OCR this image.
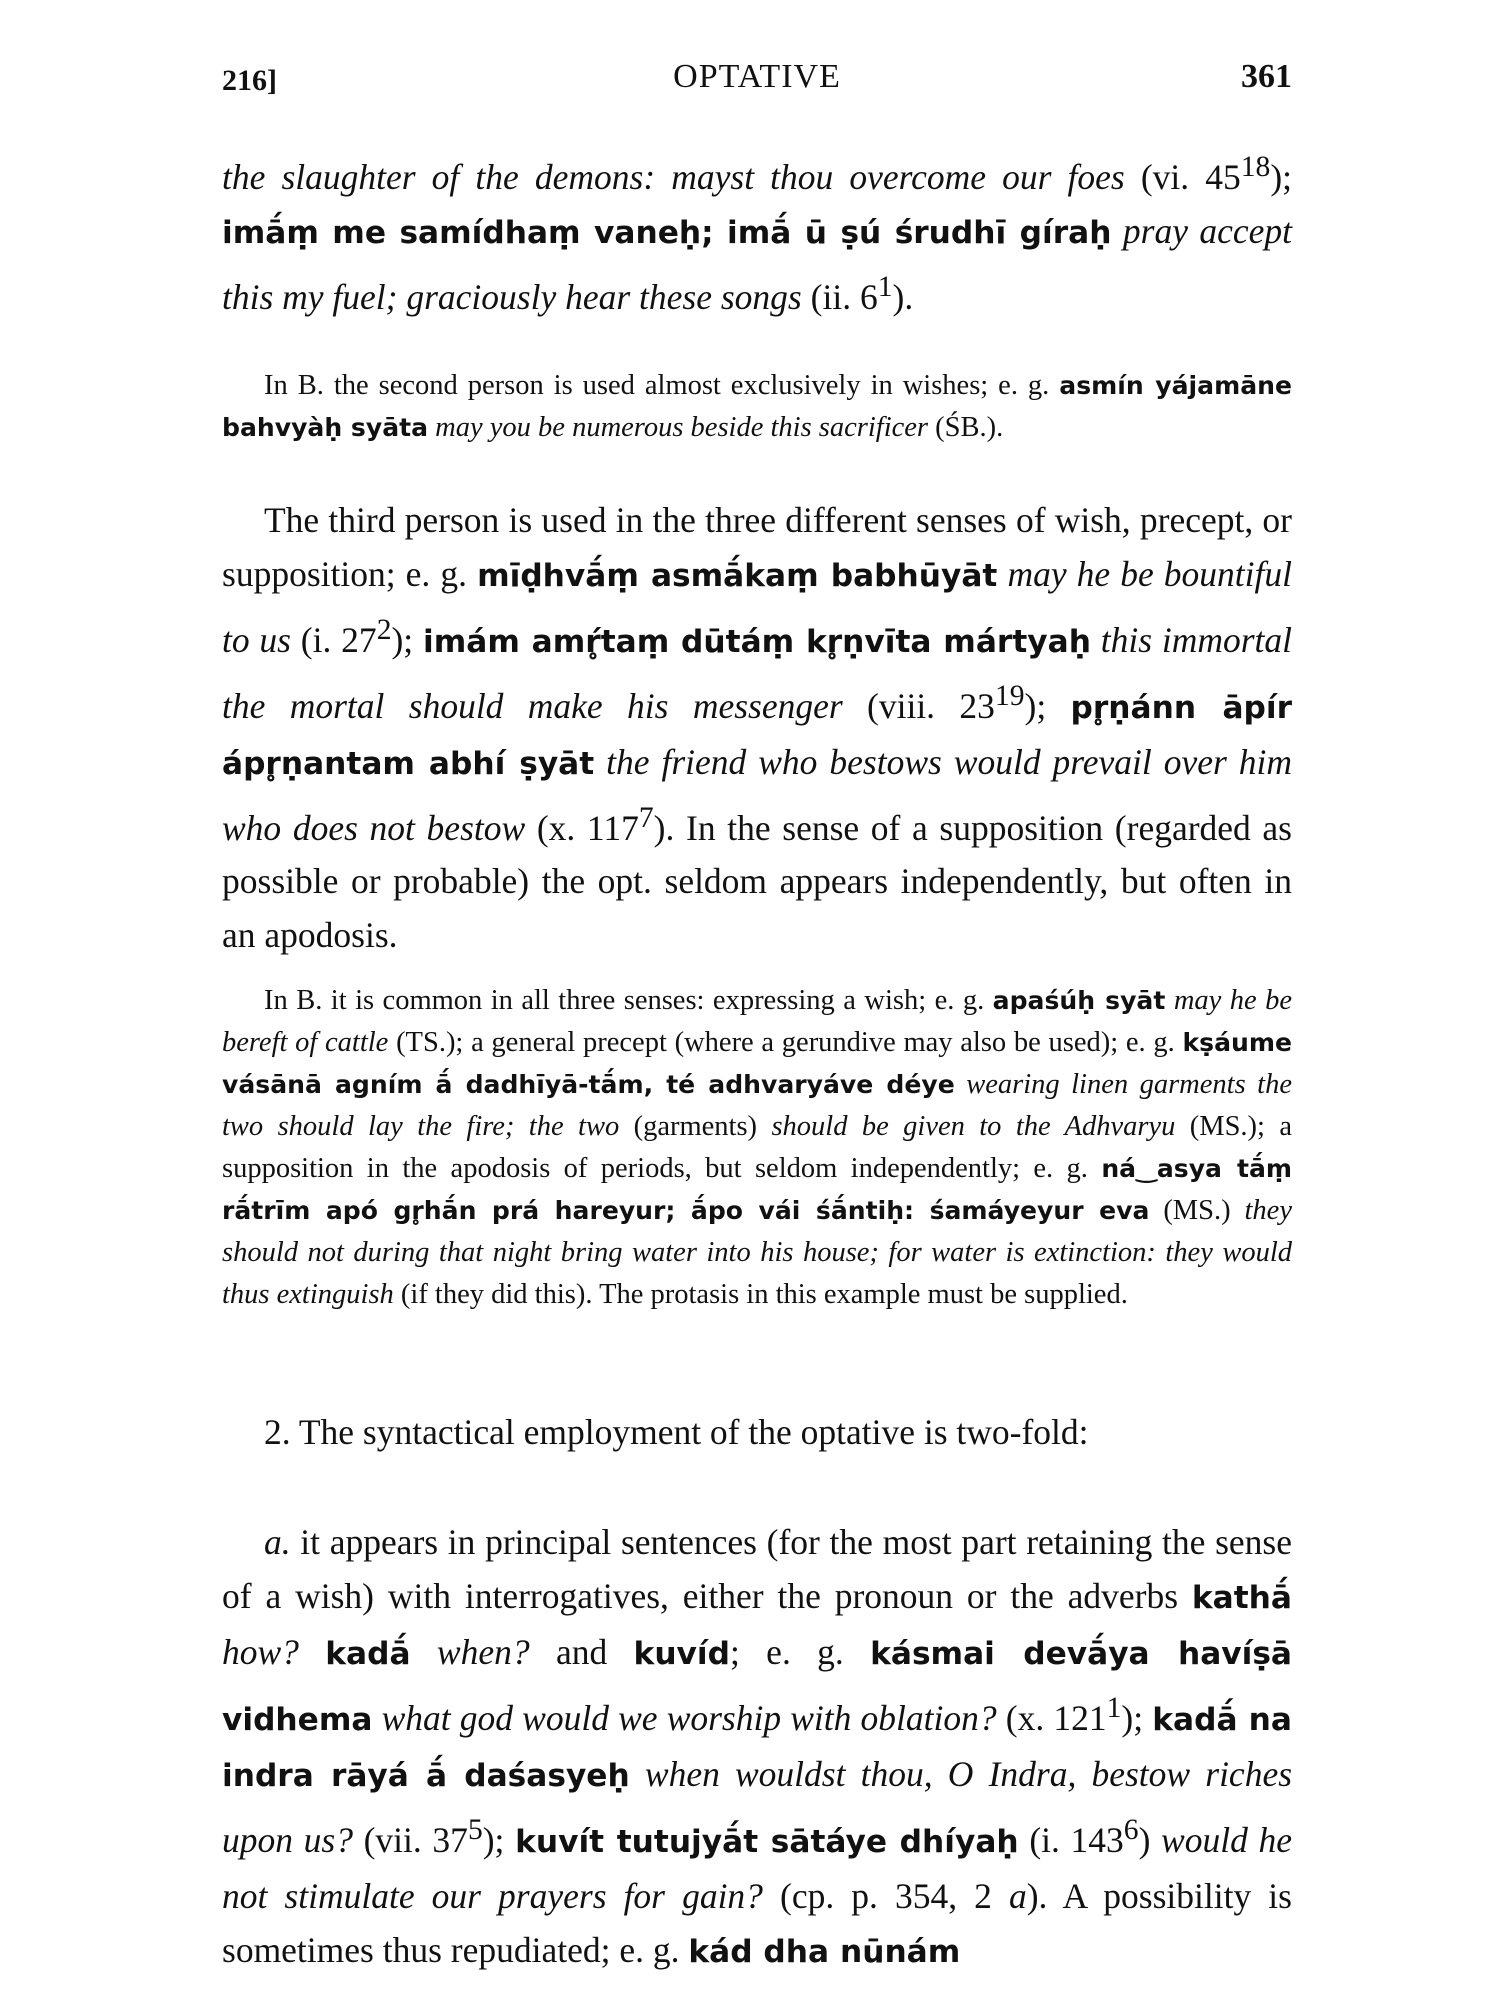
216]	OPTATIVE	361
the slaughter of the demons: mayst thou overcome our foes (vi. $45^{18}$); imā́ṃ me samídhaṃ vaneḥ; imā́ ū ṣú śrudhī gíraḥ pray accept this my fuel; graciously hear these songs (ii. $6^1$).
In B. the second person is used almost exclusively in wishes; e. g. asmín yájamāne bahvyàḥ syāta may you be numerous beside this sacrificer (ŚB.).
The third person is used in the three different senses of wish, precept, or supposition; e. g. mīḍhvā́ṃ asmā́kaṃ babhūyāt may he be bountiful to us (i. $27^2$); imám amŕ̥taṃ dūtáṃ kr̥ṇvīta mártyaḥ this immortal the mortal should make his messenger (viii. $23^{19}$); pr̥ṇánn āpír ápr̥ṇantam abhí ṣyāt the friend who bestows would prevail over him who does not bestow (x. $117^7$). In the sense of a supposition (regarded as possible or probable) the opt. seldom appears independently, but often in an apodosis.
In B. it is common in all three senses: expressing a wish; e. g. apaśúḥ syāt may he be bereft of cattle (TS.); a general precept (where a gerundive may also be used); e. g. kṣáume vásānā agním ā́ dadhīyā-tā́m, té adhvaryáve déye wearing linen garments the two should lay the fire; the two (garments) should be given to the Adhvaryu (MS.); a supposition in the apodosis of periods, but seldom independently; e. g. ná‿asya tā́ṃ rā́trīm apó gr̥hā́n prá hareyur; ā́po vái śā́ntiḥ: śamáyeyur eva (MS.) they should not during that night bring water into his house; for water is extinction: they would thus extinguish (if they did this). The protasis in this example must be supplied.
2. The syntactical employment of the optative is two-fold:
a. it appears in principal sentences (for the most part retaining the sense of a wish) with interrogatives, either the pronoun or the adverbs kathā́ how? kadā́ when? and kuvíd; e. g. kásmai devā́ya havíṣā vidhema what god would we worship with oblation? (x. $121^1$); kadā́ na indra rāyá ā́ daśasyeḥ when wouldst thou, O Indra, bestow riches upon us? (vii. $37^5$); kuvít tutujyā́t sātáye dhíyaḥ (i. $143^6$) would he not stimulate our prayers for gain? (cp. p. 354, 2 a). A possibility is sometimes thus repudiated; e. g. kád dha nūnám
